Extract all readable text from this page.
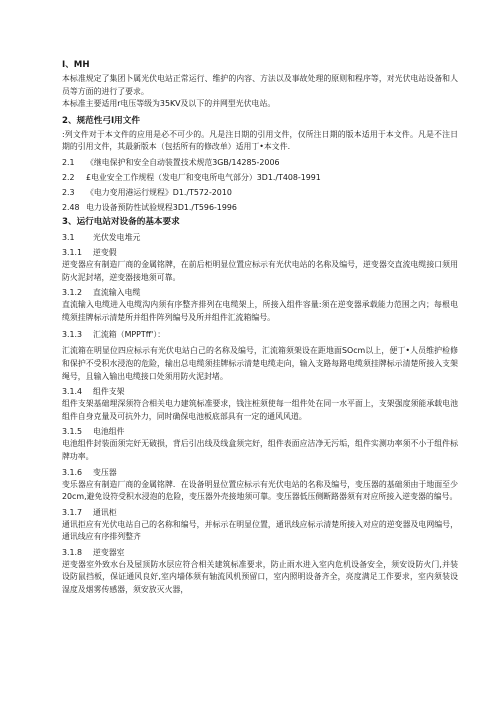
I、MH

本标准规定了集团卜属光伏电站正常运行、维护的内容、方法以及事故处理的原则和程序等，对光伏电站设备和人员等方面的进行了要求。

本标准主要适用r电压等级为35KV及以下的并网型光伏电站。

2、规范性弓I用文件

:列文件对于本文件的应用是必不可少的。凡是注日期的引用文件，仅所注日期的版本适用于本文件。凡是不注日期的引用文件，其最新版本（包括所有的修改单）适用丁•本文件.

2.1 《继电保护和安全自动装置技术规范3GB/14285-2006
2.2 £电业安全工作规程（发电厂和变电所电气部分）3D1./T408-1991
2.3 《电力变用港运行规程》D1./T572-2010
2.48 电力设备预防性试验规程3D1./T596-1996
3、运行电站对设备的基本要求
3.1 光伏发电堆元
3.1.1 逆变假

逆变器应有制造厂商的金属铭牌，在前后柜明显位置应标示有光伏电站的名称及编号，逆变器交直流电缆接口须用防火泥封堵，逆变器接地须可靠。

3.1.2 直流输入电缆

直流输入电缆进入电缆沟内须有序整齐排列在电缆架上，所接入组件容量:须在逆变器承载能力范围之内；每根电缆须挂牌标示清楚所并组件阵列编号及所并组件汇流箱编号。

3.1.3 汇流箱（MPPTff'）：

汇流箱在明显位四应标示有光伏电站白己的名称及编号，汇流箱须架设在距地面SOcm以上，便丁•人员维护检修和保护不受积水浸泡的危险，输出总电缆须挂牌标示清楚电缆走向，输入支路每路电缆须挂牌标示清楚所接入支架绳号，且输入输出电缆接口处须用防火泥封堵。

3.1.4 组件支架

组件支架基础埋深须符合相关电力建筑标准要求，钱注桩须使每一组件处在同一水平面上，支架强度须能承载电池组件自身克量及可抗外力，同时确保电池板底部具有一定的通风风道。

3.1.5 电池组件

电池组件封装面须完好无破损，背后引出线及线盒须完好，组件表面应洁净无污垢，组件实测功率须不小于组件标牌功率。

3.1.6 变压器

变乐器应有制造厂商的金属铭牌．在设备明显位置应标示有光伏电站的名称及编号，变压器的基础须由于地面至少20cm,避免设符受积水浸泡的危险，变压器外壳接地须可靠。变压器低压侧断路器须有对应所接入逆变器的编号。

3.1.7 通讯柜

通讯拒应有光伏电站自己的名称和编号，并标示在明显位置，通讯线应标示清楚所接入对应的逆变器及电网编号，通讯线应有序排列整齐

3.1.8 逆变器室

逆变器室外致水台及屋顶防水层应符合相关建筑标准要求，防止雨水进入室内危机设备安全，须安设防火门,并装设防鼠挡板，保证通风良好,室内墙体须有轴流风机预留口，室内照明设备齐全，亮度满足工作要求，室内须装设湿度及烟雾传感器，须安放灭火器，
